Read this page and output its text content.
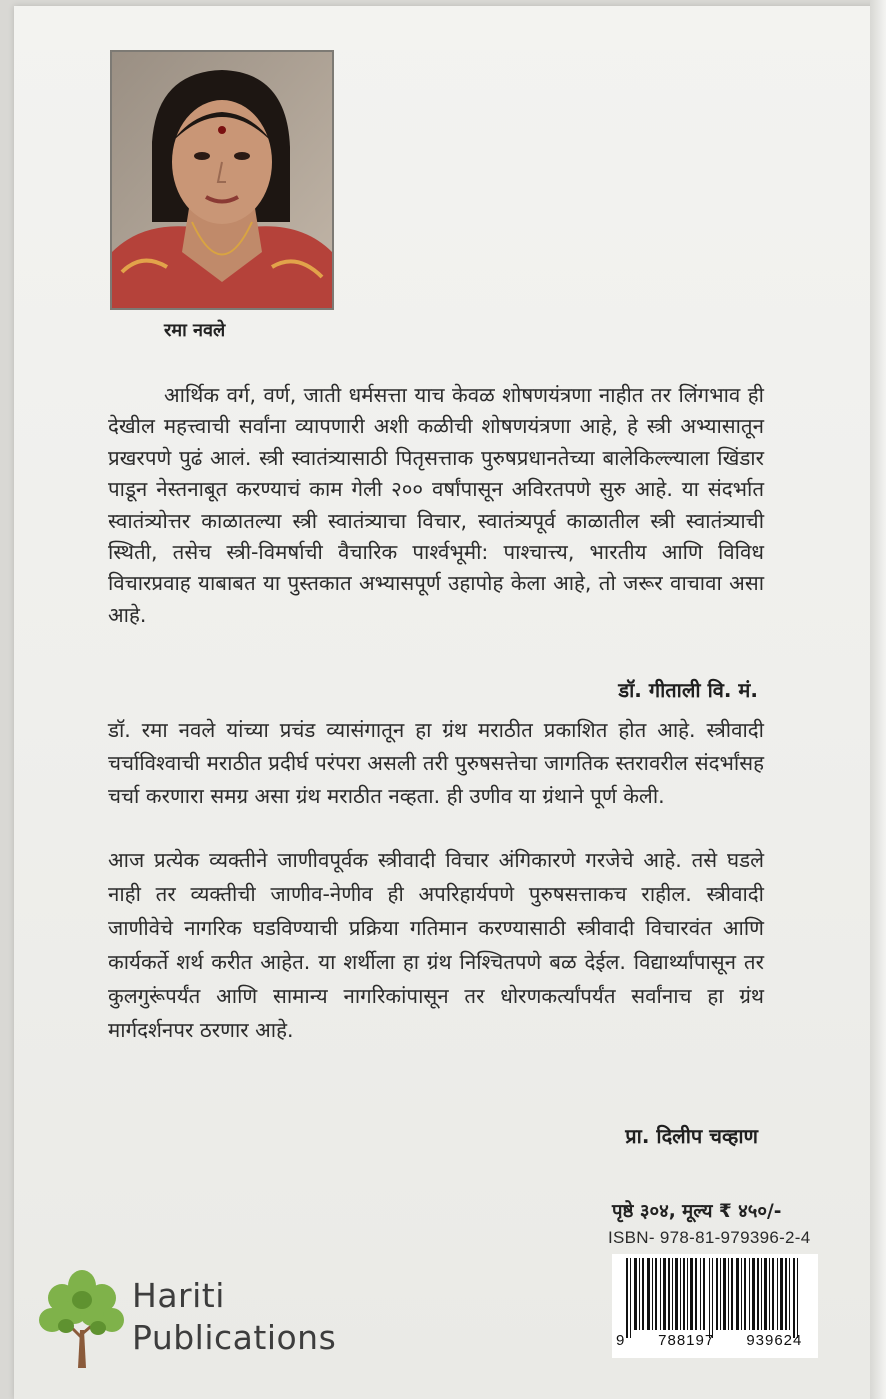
रमा नवले
आर्थिक वर्ग, वर्ण, जाती धर्मसत्ता याच केवळ शोषणयंत्रणा नाहीत तर लिंगभाव ही देखील महत्त्वाची सर्वांना व्यापणारी अशी कळीची शोषणयंत्रणा आहे, हे स्त्री अभ्यासातून प्रखरपणे पुढं आलं. स्त्री स्वातंत्र्यासाठी पितृसत्ताक पुरुषप्रधानतेच्या बालेकिल्ल्याला खिंडार पाडून नेस्तनाबूत करण्याचं काम गेली २०० वर्षांपासून अविरतपणे सुरु आहे. या संदर्भात स्वातंत्र्योत्तर काळातल्या स्त्री स्वातंत्र्याचा विचार, स्वातंत्र्यपूर्व काळातील स्त्री स्वातंत्र्याची स्थिती, तसेच स्त्री-विमर्षाची वैचारिक पार्श्वभूमी: पाश्चात्त्य, भारतीय आणि विविध विचारप्रवाह याबाबत या पुस्तकात अभ्यासपूर्ण उहापोह केला आहे, तो जरूर वाचावा असा आहे.
डॉ. गीताली वि. मं.
डॉ. रमा नवले यांच्या प्रचंड व्यासंगातून हा ग्रंथ मराठीत प्रकाशित होत आहे. स्त्रीवादी चर्चाविश्वाची मराठीत प्रदीर्घ परंपरा असली तरी पुरुषसत्तेचा जागतिक स्तरावरील संदर्भांसह चर्चा करणारा समग्र असा ग्रंथ मराठीत नव्हता. ही उणीव या ग्रंथाने पूर्ण केली.
आज प्रत्येक व्यक्तीने जाणीवपूर्वक स्त्रीवादी विचार अंगिकारणे गरजेचे आहे. तसे घडले नाही तर व्यक्तीची जाणीव-नेणीव ही अपरिहार्यपणे पुरुषसत्ताकच राहील. स्त्रीवादी जाणीवेचे नागरिक घडविण्याची प्रक्रिया गतिमान करण्यासाठी स्त्रीवादी विचारवंत आणि कार्यकर्ते शर्थ करीत आहेत. या शर्थीला हा ग्रंथ निश्चितपणे बळ देईल. विद्यार्थ्यांपासून तर कुलगुरूंपर्यंत आणि सामान्य नागरिकांपासून तर धोरणकर्त्यांपर्यंत सर्वांनाच हा ग्रंथ मार्गदर्शनपर ठरणार आहे.
प्रा. दिलीप चव्हाण
पृष्ठे ३०४, मूल्य ₹ ४५०/-
ISBN- 978-81-979396-2-4
9 788197 939624
Hariti
Publications
